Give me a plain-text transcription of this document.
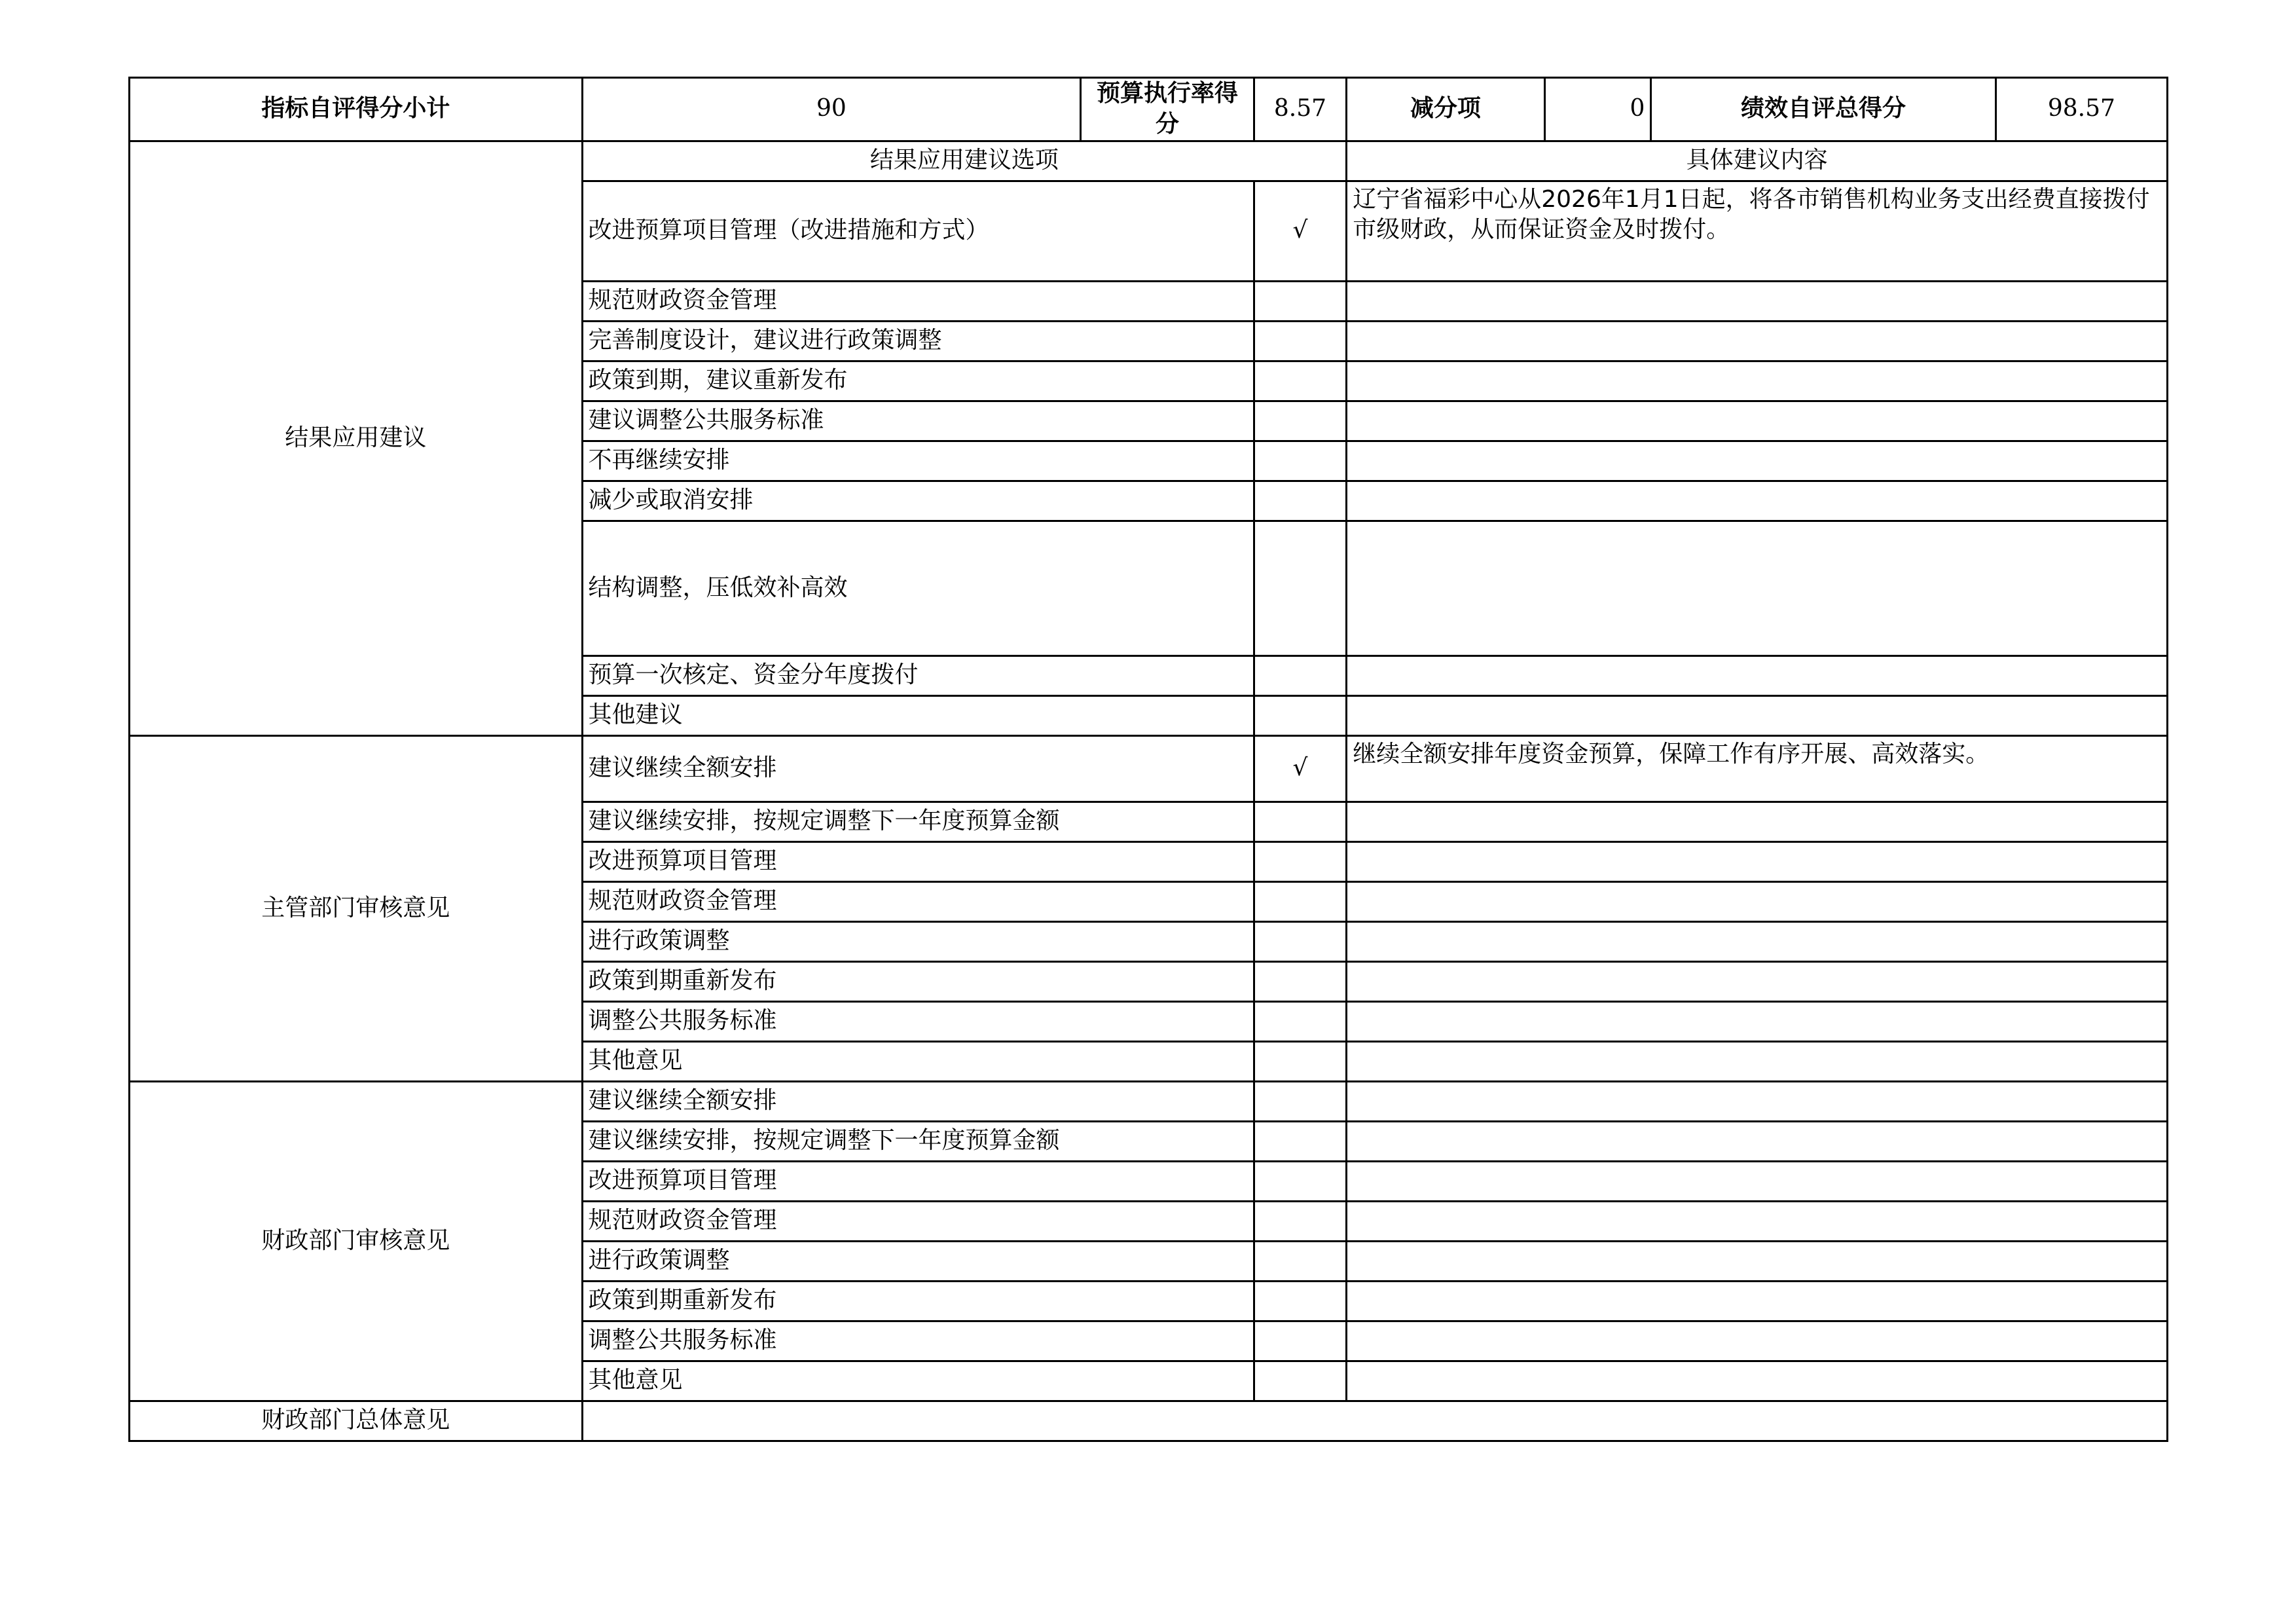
指标自评得分小计	90	预算执行率得分	8.57	减分项	0	绩效自评总得分	98.57
结果应用建议	结果应用建议选项			具体建议内容			
	改进预算项目管理（改进措施和方式）		√	辽宁省福彩中心从2026年1月1日起，将各市销售机构业务支出经费直接拨付市级财政，从而保证资金及时拨付。			
	规范财政资金管理						
	完善制度设计，建议进行政策调整						
	政策到期，建议重新发布						
	建议调整公共服务标准						
	不再继续安排						
	减少或取消安排						
	结构调整，压低效补高效						
	预算一次核定、资金分年度拨付						
	其他建议						
主管部门审核意见	建议继续全额安排		√	继续全额安排年度资金预算，保障工作有序开展、高效落实。			
	建议继续安排，按规定调整下一年度预算金额						
	改进预算项目管理						
	规范财政资金管理						
	进行政策调整						
	政策到期重新发布						
	调整公共服务标准						
	其他意见						
财政部门审核意见	建议继续全额安排						
	建议继续安排，按规定调整下一年度预算金额						
	改进预算项目管理						
	规范财政资金管理						
	进行政策调整						
	政策到期重新发布						
	调整公共服务标准						
	其他意见						
财政部门总体意见							
